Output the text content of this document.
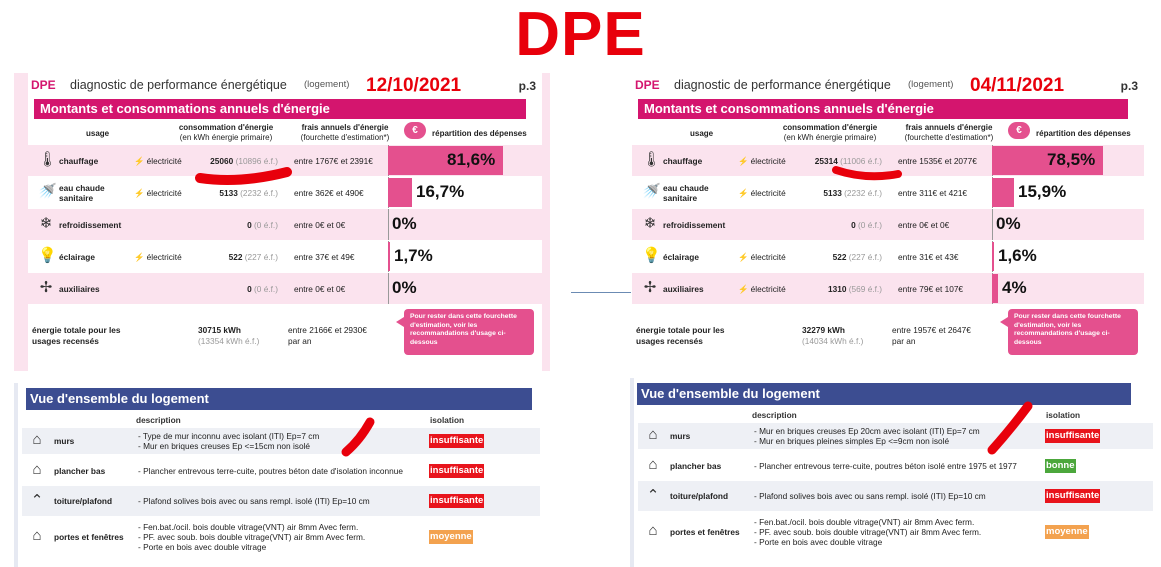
DPE
DPE diagnostic de performance énergétique (logement) 12/10/2021	p.3
Montants et consommations annuels d'énergie
usage
consommation d'énergie
(en kWh énergie primaire)
frais annuels d'énergie
(fourchette d'estimation*)
€	répartition des dépenses
🌡 chauffage	⚡ électricité	25060 (10896 é.f.) entre 1767€ et 2391€	81,6%
🚿 eau chaude
sanitaire	⚡ électricité	5133 (2232 é.f.) entre 362€ et 490€	16,7%
❄ refroidissement	0 (0 é.f.) entre 0€ et 0€	0%
💡 éclairage	⚡ électricité	522 (227 é.f.) entre 37€ et 49€ 1,7%
✢ auxiliaires	0 (0 é.f.) entre 0€ et 0€	0%
énergie totale pour les
usages recensés
30715 kWh
(13354 kWh é.f.)
entre 2166€ et 2930€
par an
Pour rester dans cette fourchette d'estimation, voir les recommandations d'usage ci-dessous
Vue d'ensemble du logement
description	isolation
⌂	murs	- Type de mur inconnu avec isolant (ITI) Ep=7 cm
- Mur en briques creuses Ep <=15cm non isolé	insuffisante
⌂	plancher bas	- Plancher entrevous terre-cuite, poutres béton date d'isolation inconnue	insuffisante
⌃	toiture/plafond	- Plafond solives bois avec ou sans rempl. isolé (ITI) Ep=10 cm	insuffisante
⌂	portes et fenêtres
- Fen.bat./ocil. bois double vitrage(VNT) air 8mm Avec ferm.
- PF. avec soub. bois double vitrage(VNT) air 8mm Avec ferm.
- Porte en bois avec double vitrage
moyenne
DPE diagnostic de performance énergétique (logement) 04/11/2021	p.3
Montants et consommations annuels d'énergie
usage
consommation d'énergie
(en kWh énergie primaire)
frais annuels d'énergie
(fourchette d'estimation*)
€	répartition des dépenses
🌡 chauffage	⚡ électricité	25314 (11006 é.f.) entre 1535€ et 2077€	78,5%
🚿 eau chaude
sanitaire	⚡ électricité	5133 (2232 é.f.) entre 311€ et 421€	15,9%
❄ refroidissement	0 (0 é.f.) entre 0€ et 0€	0%
💡 éclairage	⚡ électricité	522 (227 é.f.) entre 31€ et 43€ 1,6%
✢ auxiliaires	⚡ électricité	1310 (569 é.f.) entre 79€ et 107€ 4%
énergie totale pour les
usages recensés
32279 kWh
(14034 kWh é.f.)
entre 1957€ et 2647€
par an
Pour rester dans cette fourchette d'estimation, voir les recommandations d'usage ci-dessous
Vue d'ensemble du logement
description	isolation
⌂	murs	- Mur en briques creuses Ep 20cm avec isolant (ITI) Ep=7 cm
- Mur en briques pleines simples Ep <=9cm non isolé	insuffisante
⌂	plancher bas	- Plancher entrevous terre-cuite, poutres béton isolé entre 1975 et 1977	bonne
⌃	toiture/plafond	- Plafond solives bois avec ou sans rempl. isolé (ITI) Ep=10 cm	insuffisante
⌂	portes et fenêtres
- Fen.bat./ocil. bois double vitrage(VNT) air 8mm Avec ferm.
- PF. avec soub. bois double vitrage(VNT) air 8mm Avec ferm.
- Porte en bois avec double vitrage
moyenne
